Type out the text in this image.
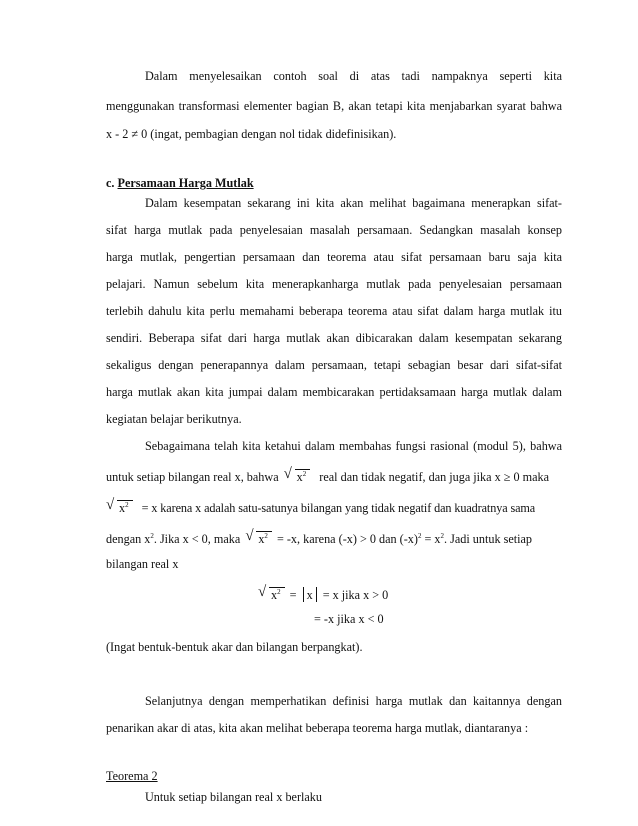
Dalam menyelesaikan contoh soal di atas tadi nampaknya seperti kita
menggunakan transformasi elementer bagian B, akan tetapi kita menjabarkan syarat bahwa
x - 2 ≠ 0 (ingat, pembagian dengan nol tidak didefinisikan).
c. Persamaan Harga Mutlak
Dalam kesempatan sekarang ini kita akan melihat bagaimana menerapkan sifat-
sifat harga mutlak pada penyelesaian masalah persamaan. Sedangkan masalah konsep
harga mutlak, pengertian persamaan dan teorema atau sifat persamaan baru saja kita
pelajari. Namun sebelum kita menerapkanharga mutlak pada penyelesaian persamaan
terlebih dahulu kita perlu memahami beberapa teorema atau sifat dalam harga mutlak itu
sendiri. Beberapa sifat dari harga mutlak akan dibicarakan dalam kesempatan sekarang
sekaligus dengan penerapannya dalam persamaan, tetapi sebagian besar dari sifat-sifat
harga mutlak akan kita jumpai dalam membicarakan pertidaksamaan harga mutlak dalam
kegiatan belajar berikutnya.
Sebagaimana telah kita ketahui dalam membahas fungsi rasional (modul 5), bahwa
untuk setiap bilangan real x, bahwa √ $x^2$ real dan tidak negatif, dan juga jika x ≥ 0 maka
√ $x^2 = x$ karena x adalah satu-satunya bilangan yang tidak negatif dan kuadratnya sama
dengan $x^2$. Jika x < 0, maka √ $x^2 = -x$, karena (-x) > 0 dan $(-x)^2 = x^2$. Jadi untuk setiap
bilangan real x
√ $x^2 = x = x$ jika x > 0
= -x jika x < 0
(Ingat bentuk-bentuk akar dan bilangan berpangkat).
Selanjutnya dengan memperhatikan definisi harga mutlak dan kaitannya dengan
penarikan akar di atas, kita akan melihat beberapa teorema harga mutlak, diantaranya :
Teorema 2
Untuk setiap bilangan real x berlaku
